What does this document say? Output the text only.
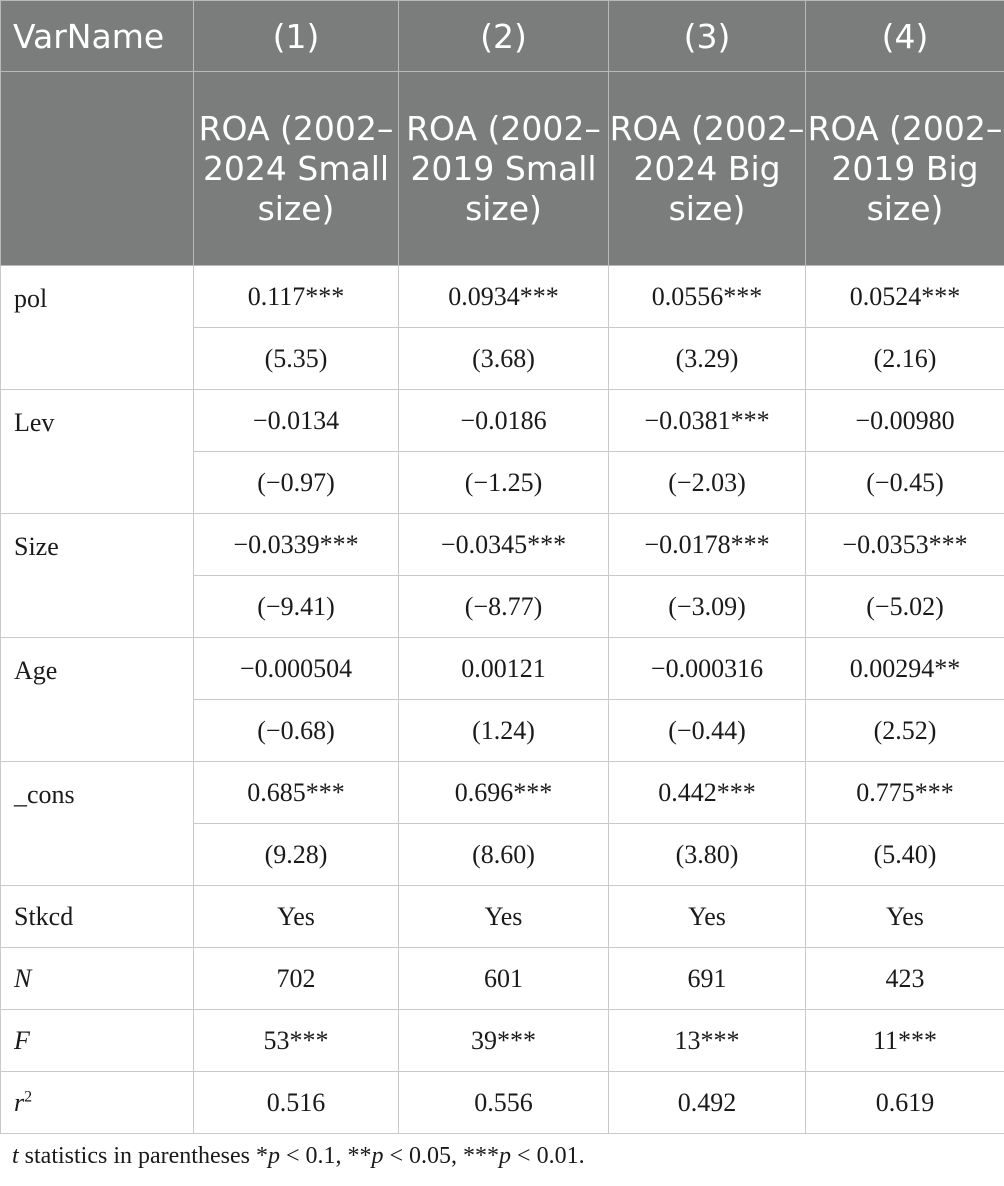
VarName	(1)	(2)	(3)	(4)
	ROA (2002–2024 Small size)	ROA (2002–2019 Small size)	ROA (2002–2024 Big size)	ROA (2002–2019 Big size)
pol	0.117***	0.0934***	0.0556***	0.0524***
	(5.35)	(3.68)	(3.29)	(2.16)
Lev	−0.0134	−0.0186	−0.0381***	−0.00980
	(−0.97)	(−1.25)	(−2.03)	(−0.45)
Size	−0.0339***	−0.0345***	−0.0178***	−0.0353***
	(−9.41)	(−8.77)	(−3.09)	(−5.02)
Age	−0.000504	0.00121	−0.000316	0.00294**
	(−0.68)	(1.24)	(−0.44)	(2.52)
_cons	0.685***	0.696***	0.442***	0.775***
	(9.28)	(8.60)	(3.80)	(5.40)
Stkcd	Yes	Yes	Yes	Yes
N	702	601	691	423
F	53***	39***	13***	11***
$r^2$	0.516	0.556	0.492	0.619
t statistics in parentheses *p < 0.1, **p < 0.05, ***p < 0.01.
